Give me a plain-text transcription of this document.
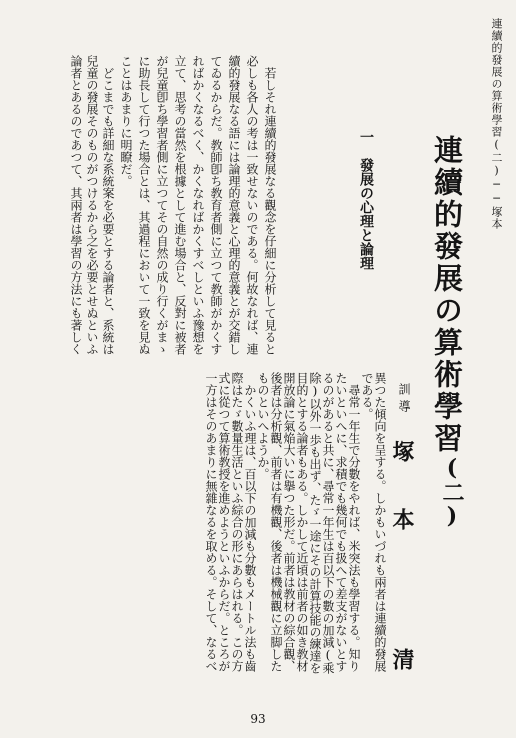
連續的發展の算術學習(二)──塚本
連續的發展の算術學習
(二)
訓導
塚本 清
異つた傾向を呈する。しかもいづれも兩者は連續的發展
である。
　尋常一年生で分數をやれば、米突法も學習する。知り
たいといへに、求積でも幾何でも扱へて差支がないとす
るのがあると共に、尋常一年生は百以下の數の加減(乘
除)以外一歩も出ず、たゞ一途にその計算技能の練達を
目的とする論者もある。しかして近頃は前者の如き教材
開放論に氣焔大いに擧つた形だ。前者は教材の綜合觀、
後者は分析觀、前者は有機觀、後者は機械觀に立脚した
ものといへようか。
　かくいふ理は、百以下の加減も分數もメートル法も齒
際はたゞ數量生活といふ綜合の形にあらはれる。この方
式に從つて算術教授を進めようといふからだ。ところが
一方はそのあまりに無雜なるを取める。そして、なるべ
一　發展の心理と論理
　若しそれ連續的發展なる觀念を仔細に分析して見ると
必しも各人の考は一致せないのである。何故なれば、連
續的發展なる語には論理的意義と心理的意義とが交錯し
てゐるからだ。教師卽ち教育者側に立つて教師がかくす
ればかくなるべく、かくなればかくすべしといふ豫想を
立て、思考の當然を根據として進む場合と、反對に被者
が兒童卽ち學習者側に立つてその自然の成り行くがまゝ
に助長して行つた場合とは、其過程において一致を見ぬ
ことはあまりに明瞭だ。
　どこまでも詳細な系統案を必要とする論者と、系統は
兒童の發展そのものがつけるから之を必要とせぬといふ
論者とあるのであつて、其兩者は學習の方法にも著しく
93
